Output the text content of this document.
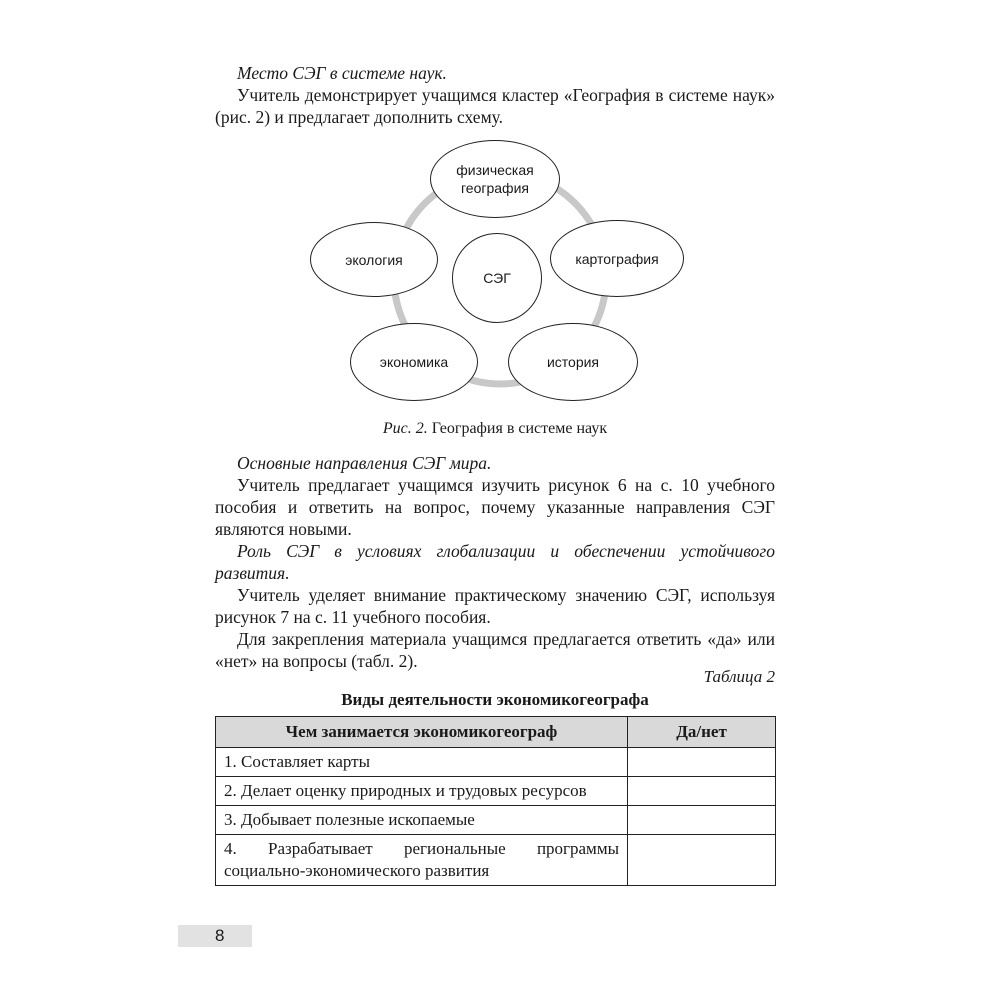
Место СЭГ в системе наук.

Учитель демонстрирует учащимся кластер «География в системе наук» (рис. 2) и предлагает дополнить схему.

физическая
география
экология
СЭГ
картография
экономика	история
Рис. 2. География в системе наук

Основные направления СЭГ мира.

Учитель предлагает учащимся изучить рисунок 6 на с. 10 учебного пособия и ответить на вопрос, почему указанные направления СЭГ являются новыми.

Роль СЭГ в условиях глобализации и обеспечении устойчивого развития.

Учитель уделяет внимание практическому значению СЭГ, используя рисунок 7 на с. 11 учебного пособия.

Для закрепления материала учащимся предлагается ответить «да» или «нет» на вопросы (табл. 2).

Таблица 2
Виды деятельности экономикогеографа
Чем занимается экономикогеограф	Да/нет
1. Составляет карты	
2. Делает оценку природных и трудовых ресурсов	
3. Добывает полезные ископаемые	
4. Разрабатывает региональные программы социально-экономического развития	
8
